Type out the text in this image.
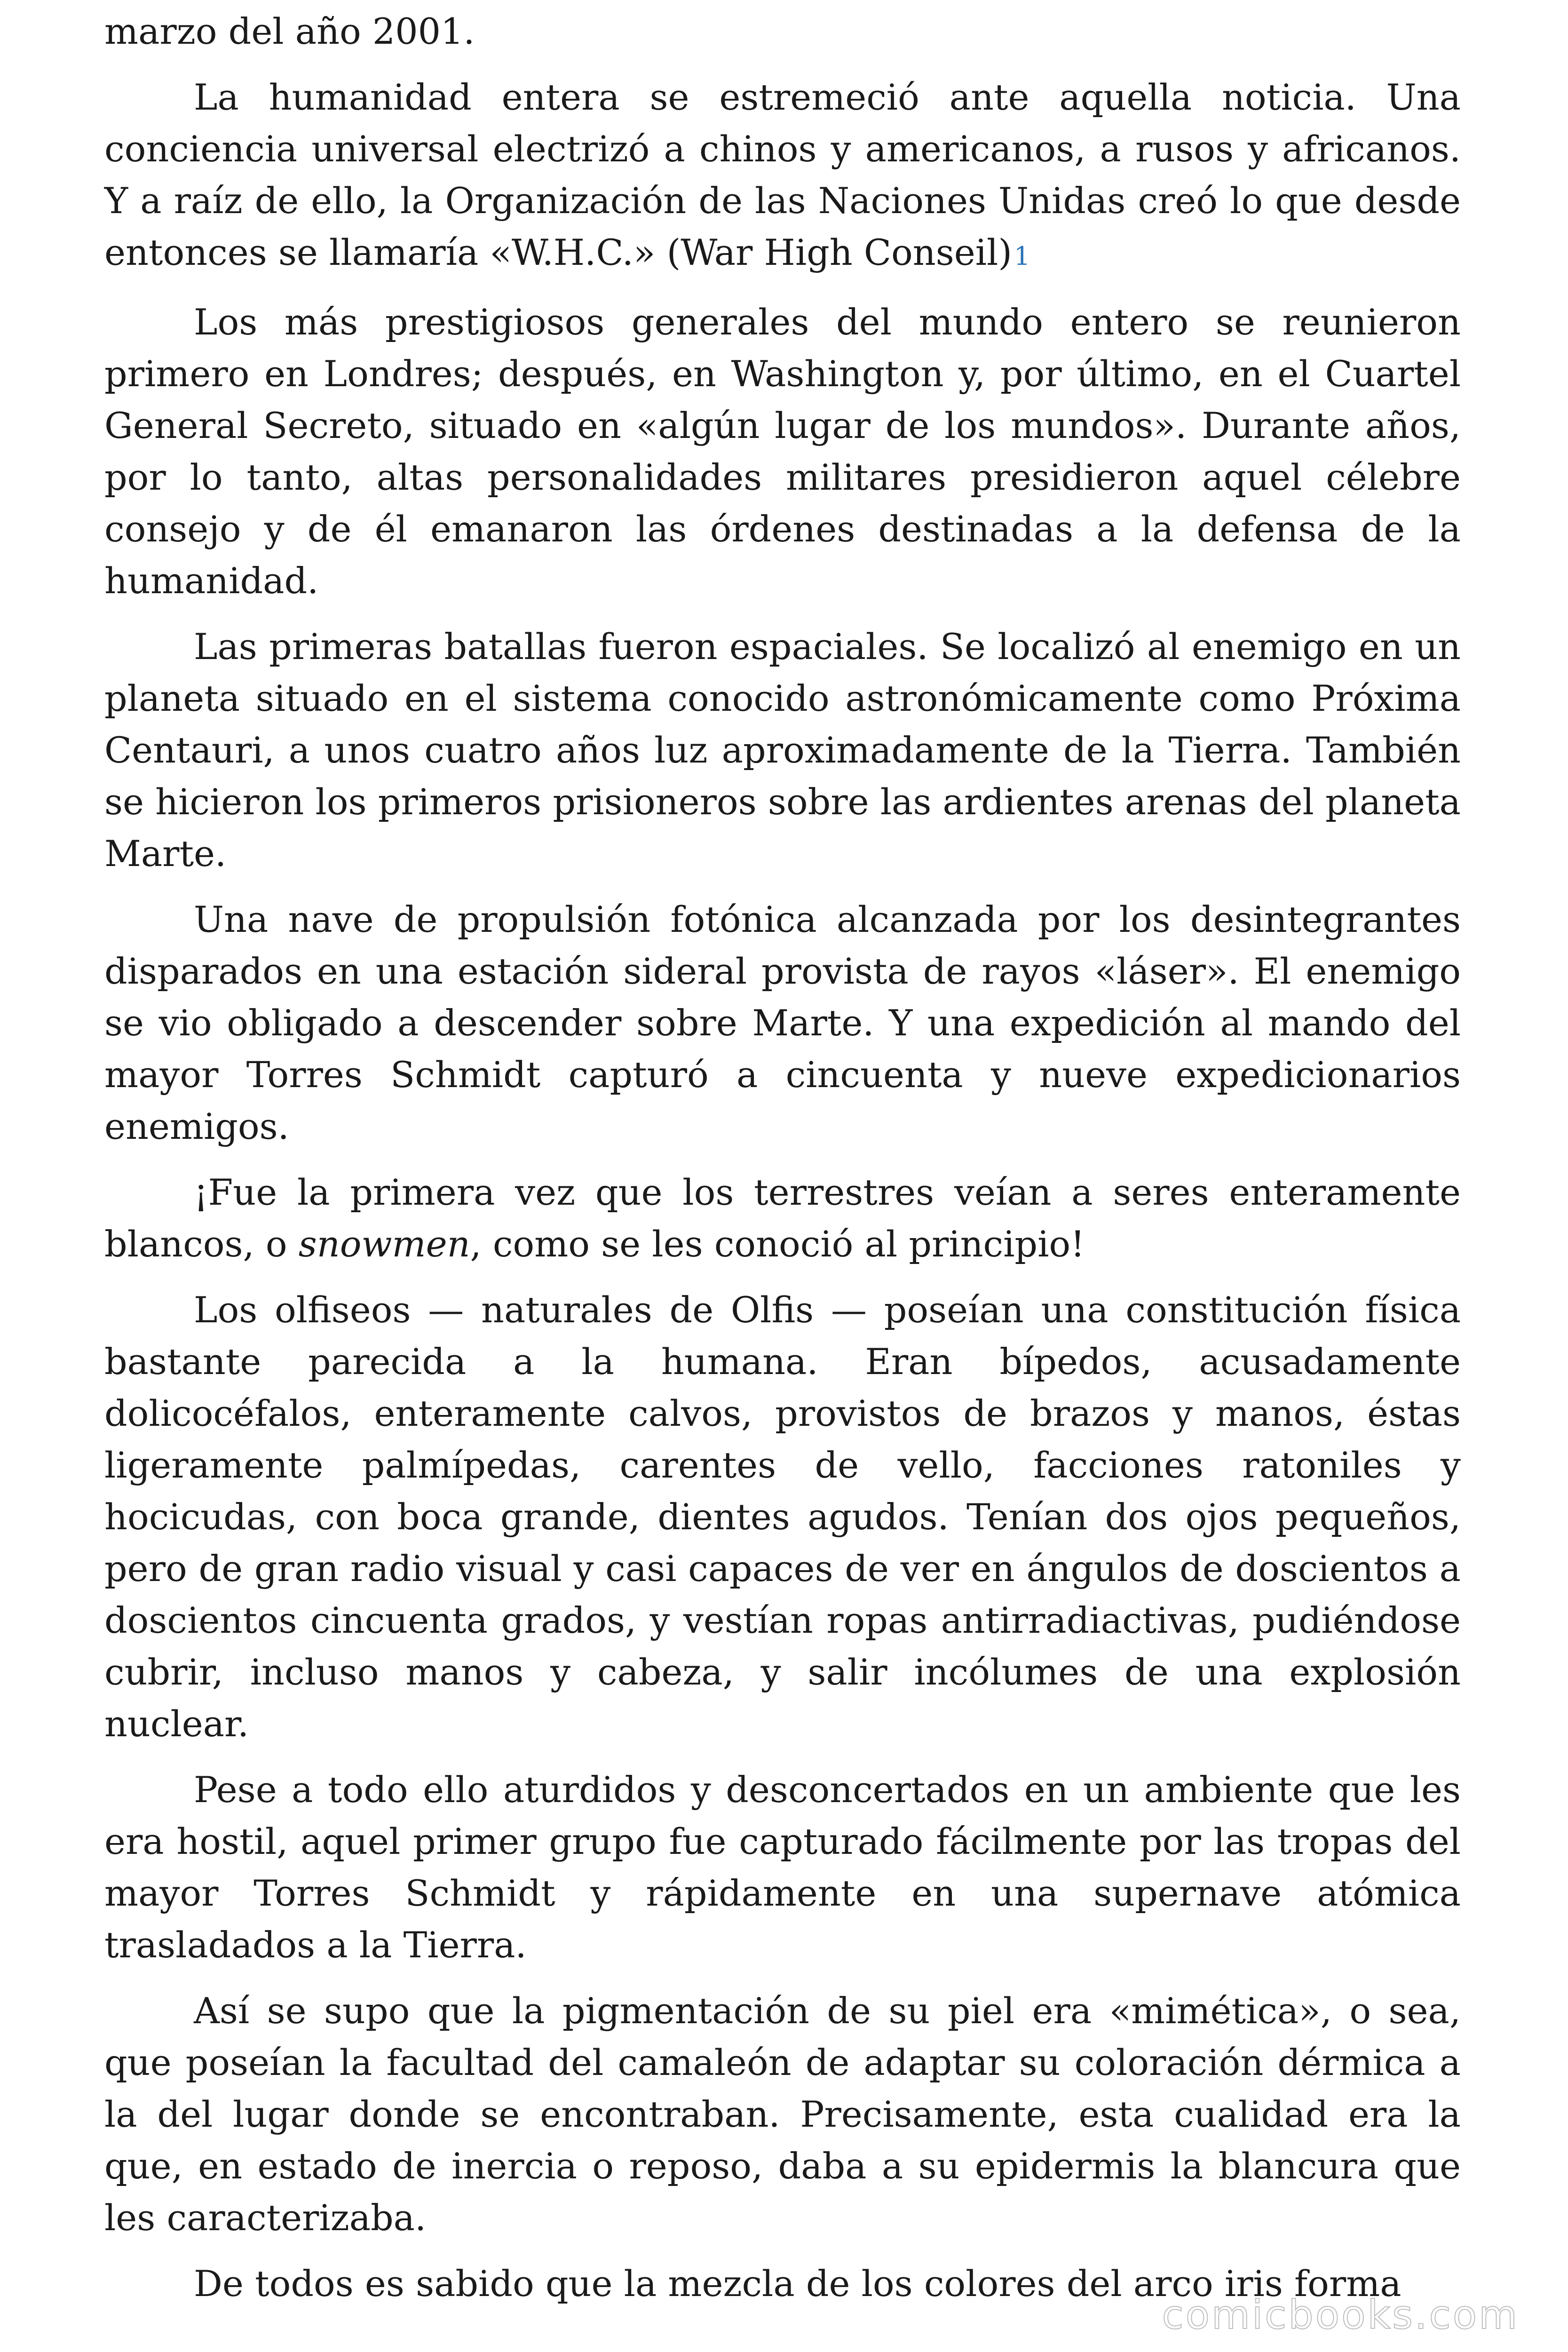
marzo del año 2001.

La humanidad entera se estremeció ante aquella noticia. Una conciencia universal electrizó a chinos y americanos, a rusos y africanos. Y a raíz de ello, la Organización de las Naciones Unidas creó lo que desde entonces se llamaría «W.H.C.» (War High Conseil)1

Los más prestigiosos generales del mundo entero se reunieron primero en Londres; después, en Washington y, por último, en el Cuartel General Secreto, situado en «algún lugar de los mundos». Durante años, por lo tanto, altas personalidades militares presidieron aquel célebre consejo y de él emanaron las órdenes destinadas a la defensa de la humanidad.

Las primeras batallas fueron espaciales. Se localizó al enemigo en un planeta situado en el sistema conocido astronómicamente como Próxima Centauri, a unos cuatro años luz aproximadamente de la Tierra. También se hicieron los primeros prisioneros sobre las ardientes arenas del planeta Marte.

Una nave de propulsión fotónica alcanzada por los desintegrantes disparados en una estación sideral provista de rayos «láser». El enemigo se vio obligado a descender sobre Marte. Y una expedición al mando del mayor Torres Schmidt capturó a cincuenta y nueve expedicionarios enemigos.

¡Fue la primera vez que los terrestres veían a seres enteramente blancos, o snowmen, como se les conoció al principio!

Los olfiseos — naturales de Olfis — poseían una constitución física bastante parecida a la humana. Eran bípedos, acusadamente dolicocéfalos, enteramente calvos, provistos de brazos y manos, éstas ligeramente palmípedas, carentes de vello, facciones ratoniles y hocicudas, con boca grande, dientes agudos. Tenían dos ojos pequeños, pero de gran radio visual y casi capaces de ver en ángulos de doscientos a doscientos cincuenta grados, y vestían ropas antirradiactivas, pudiéndose cubrir, incluso manos y cabeza, y salir incólumes de una explosión nuclear.

Pese a todo ello aturdidos y desconcertados en un ambiente que les era hostil, aquel primer grupo fue capturado fácilmente por las tropas del mayor Torres Schmidt y rápidamente en una supernave atómica trasladados a la Tierra.

Así se supo que la pigmentación de su piel era «mimética», o sea, que poseían la facultad del camaleón de adaptar su coloración dérmica a la del lugar donde se encontraban. Precisamente, esta cualidad era la que, en estado de inercia o reposo, daba a su epidermis la blancura que les caracterizaba.

De todos es sabido que la mezcla de los colores del arco iris forma

comicbooks.com
